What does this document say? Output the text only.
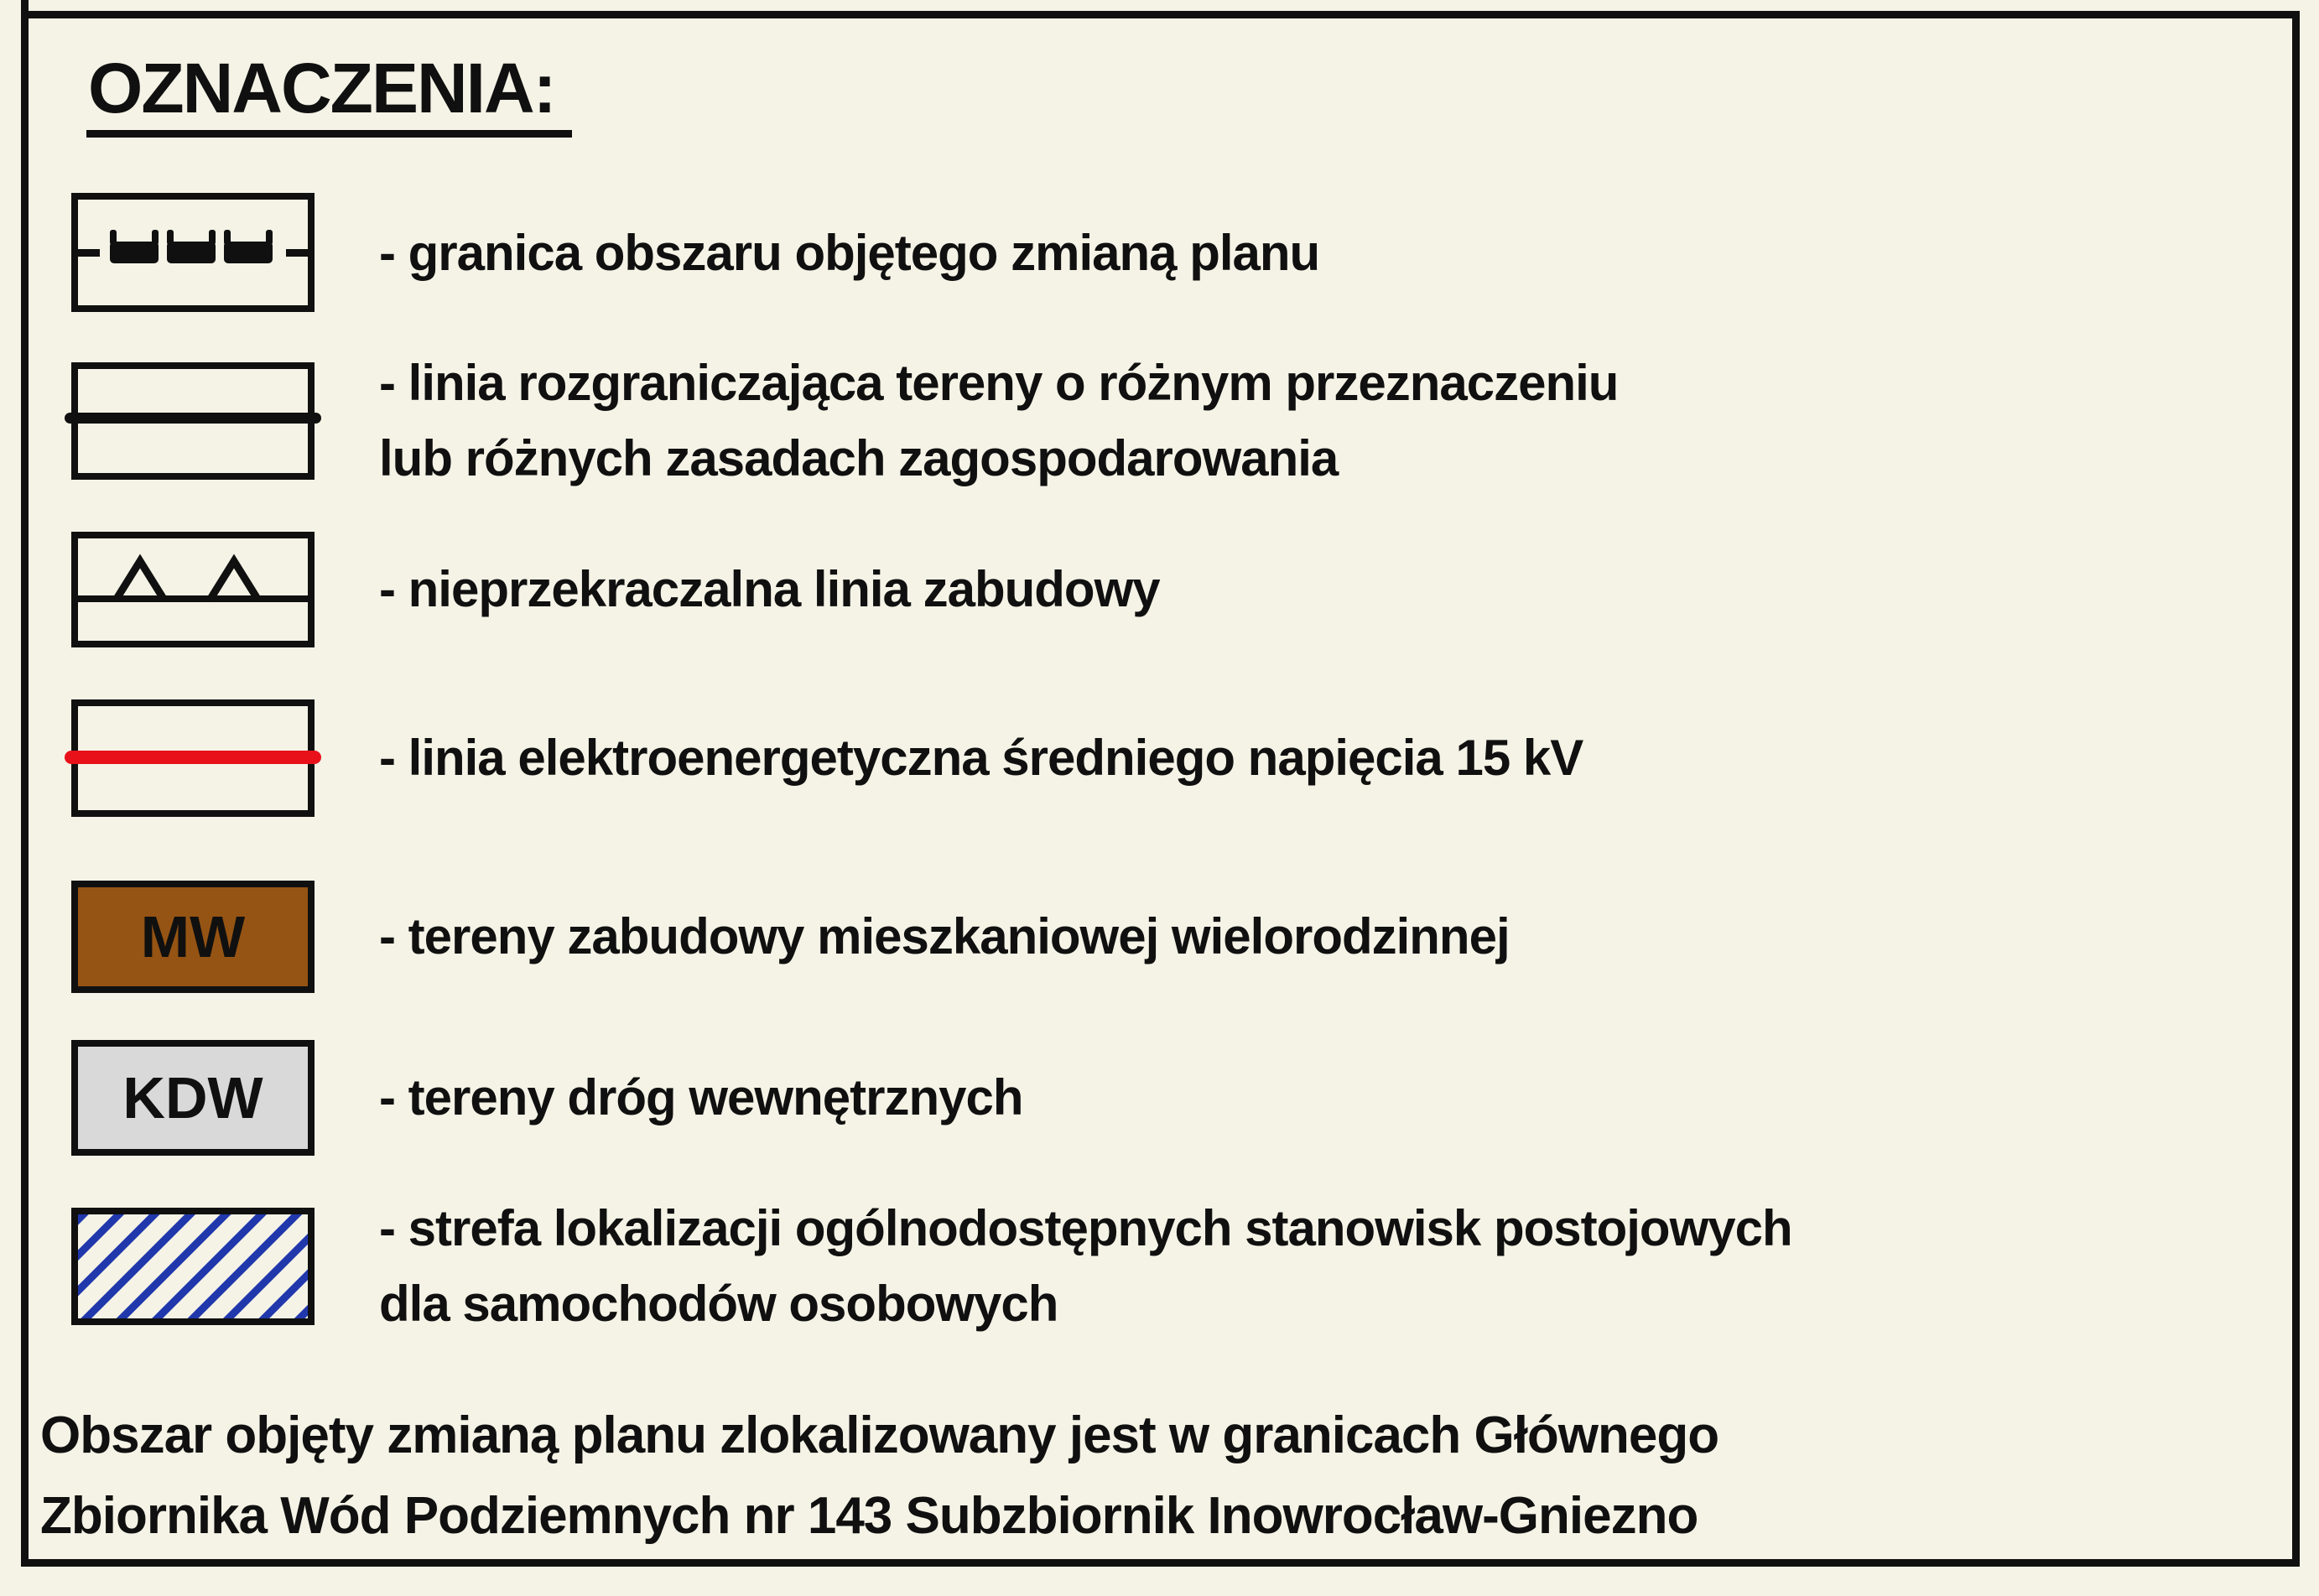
OZNACZENIA:
- granica obszaru objętego zmianą planu
- linia rozgraniczająca tereny o różnym przeznaczeniu
lub różnych zasadach zagospodarowania
- nieprzekraczalna linia zabudowy
- linia elektroenergetyczna średniego napięcia 15 kV
MW	- tereny zabudowy mieszkaniowej wielorodzinnej
KDW - tereny dróg wewnętrznych
- strefa lokalizacji ogólnodostępnych stanowisk postojowych
dla samochodów osobowych
Obszar objęty zmianą planu zlokalizowany jest w granicach Głównego
Zbiornika Wód Podziemnych nr 143 Subzbiornik Inowrocław-Gniezno
